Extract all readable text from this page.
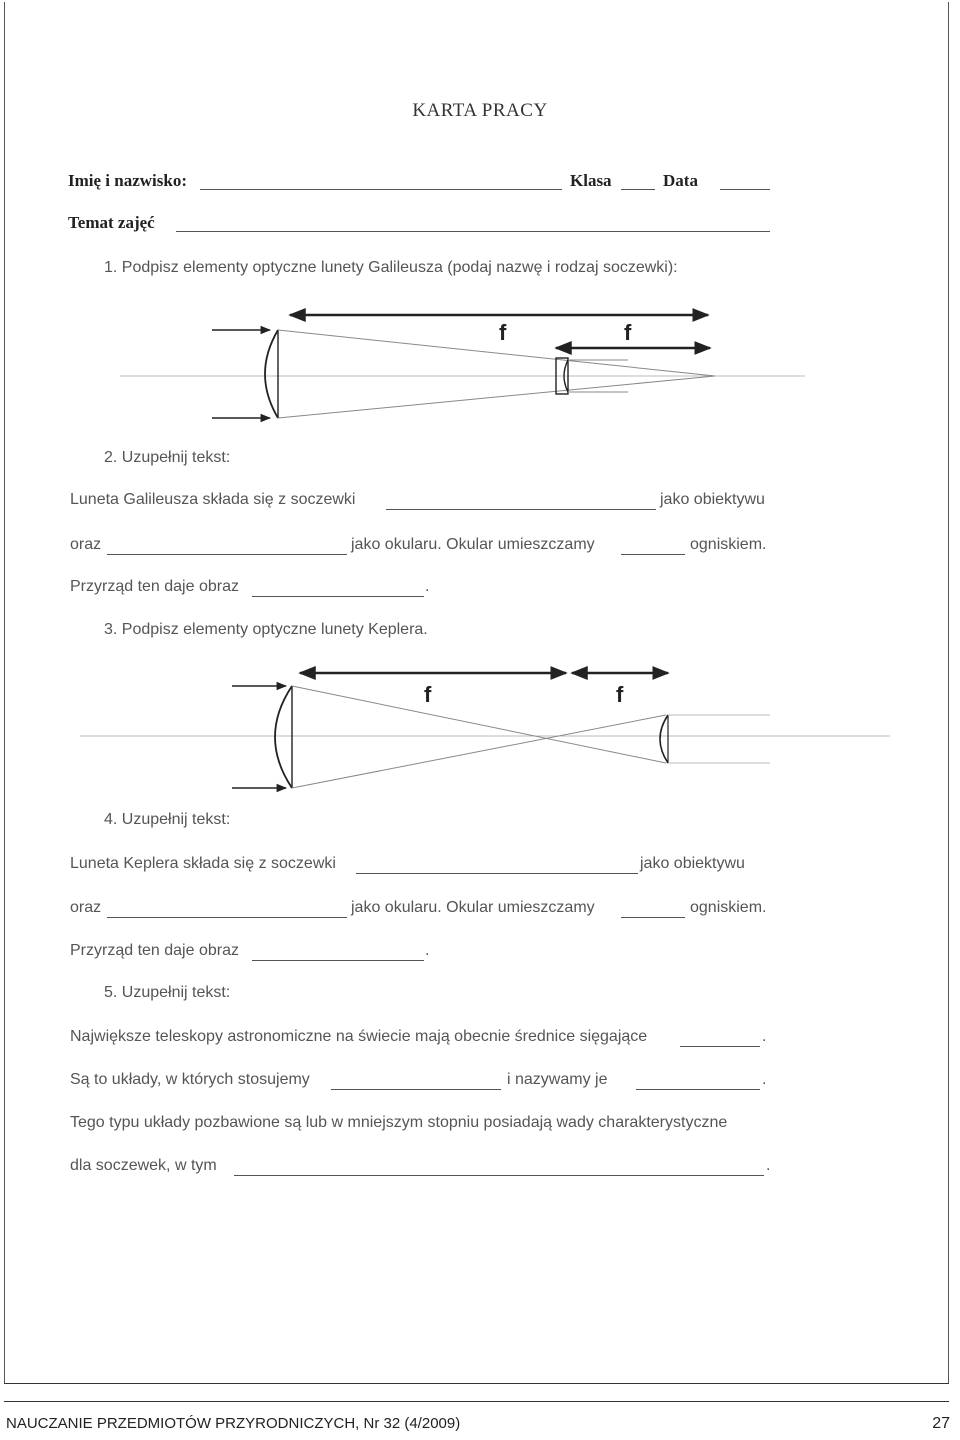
KARTA PRACY
Imię i nazwisko:	Klasa	Data
Temat zajęć
1. Podpisz elementy optyczne lunety Galileusza (podaj nazwę i rodzaj soczewki):
f	f
2. Uzupełnij tekst:
Luneta Galileusza składa się z soczewki	jako obiektywu
oraz	jako okularu. Okular umieszczamy	ogniskiem.
Przyrząd ten daje obraz	.
3. Podpisz elementy optyczne lunety Keplera.
f	f
4. Uzupełnij tekst:
Luneta Keplera składa się z soczewki	jako obiektywu
oraz	jako okularu. Okular umieszczamy	ogniskiem.
Przyrząd ten daje obraz	.
5. Uzupełnij tekst:
Największe teleskopy astronomiczne na świecie mają obecnie średnice sięgające	.
Są to układy, w których stosujemy	i nazywamy je	.
Tego typu układy pozbawione są lub w mniejszym stopniu posiadają wady charakterystyczne
dla soczewek, w tym	.
NAUCZANIE PRZEDMIOTÓW PRZYRODNICZYCH, Nr 32 (4/2009)	27
